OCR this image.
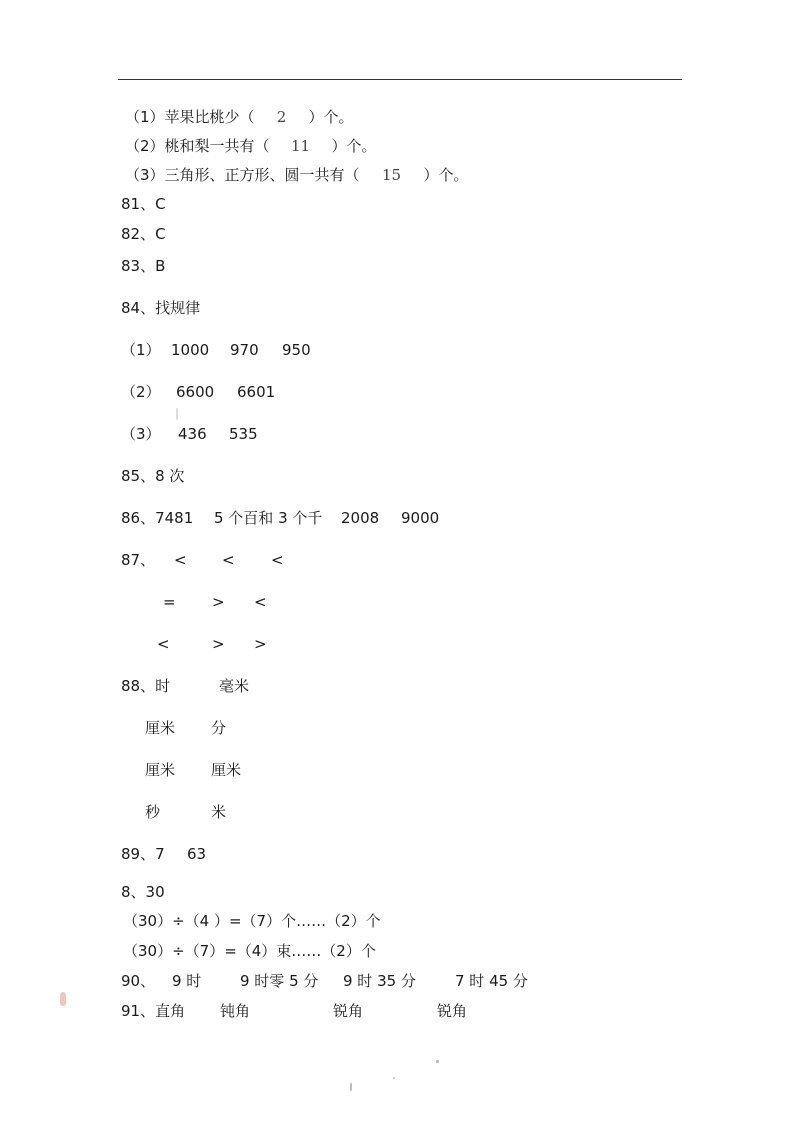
（1）苹果比桃少（ 2 ）个。
（2）桃和梨一共有（ 11 ）个。
（3）三角形、正方形、圆一共有（ 15 ）个。
81、C
82、C
83、B
84、找规律
（1） 1000 970 950
（2） 6600 6601
（3） 436 535
85、8 次
86、7481 5 个百和 3 个千 2008 9000
87、 < < <
= > <
<	> >
88、时	毫米
厘米 分
厘米 厘米
秒	米
89、7 63
8、30
（30）÷（4 ）=（7）个……（2）个
（30）÷（7）=（4）束……（2）个
90、 9 时	9 时零 5 分 9 时 35 分	7 时 45 分
91、直角 钝角	锐角	锐角
